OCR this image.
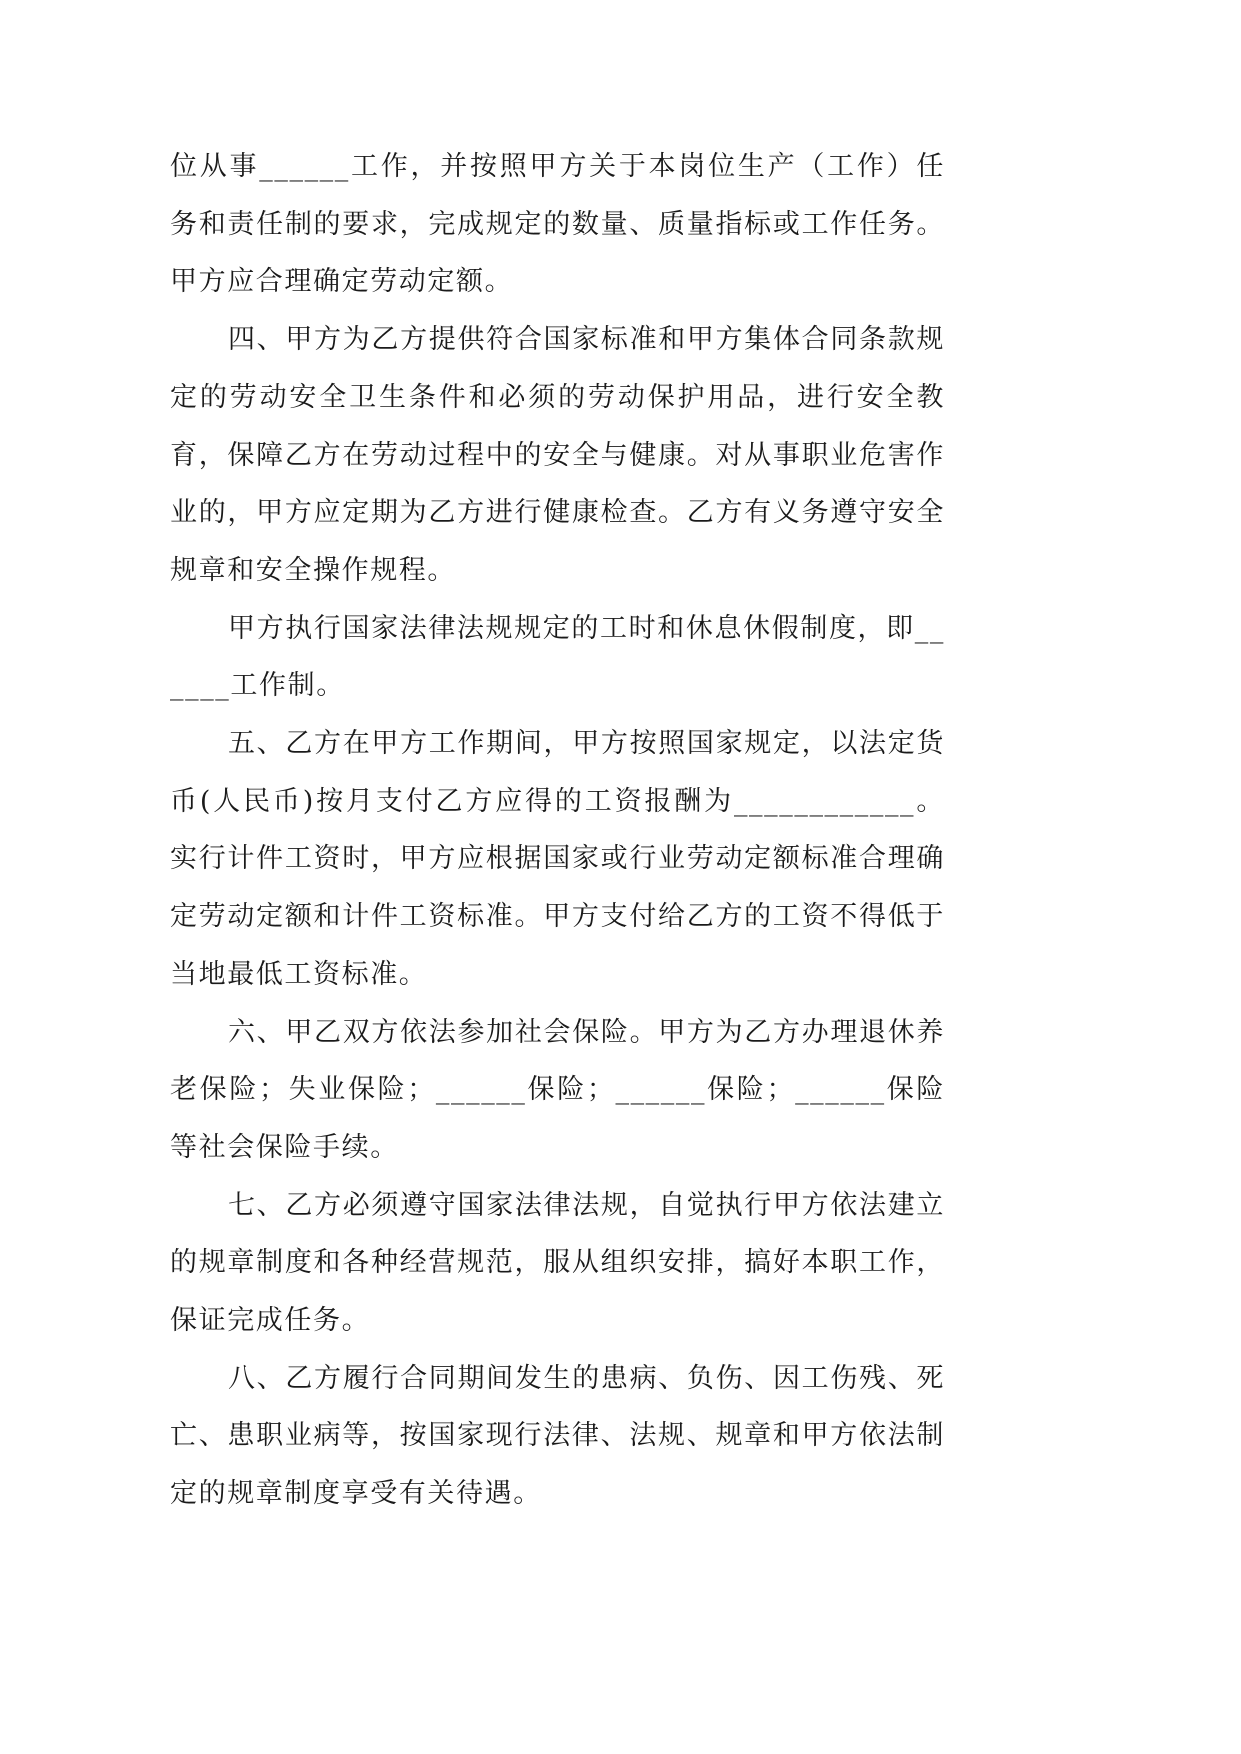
位从事______工作，并按照甲方关于本岗位生产（工作）任务和责任制的要求，完成规定的数量、质量指标或工作任务。甲方应合理确定劳动定额。

四、甲方为乙方提供符合国家标准和甲方集体合同条款规定的劳动安全卫生条件和必须的劳动保护用品，进行安全教育，保障乙方在劳动过程中的安全与健康。对从事职业危害作业的，甲方应定期为乙方进行健康检查。乙方有义务遵守安全规章和安全操作规程。

甲方执行国家法律法规规定的工时和休息休假制度，即______工作制。

五、乙方在甲方工作期间，甲方按照国家规定，以法定货币(人民币)按月支付乙方应得的工资报酬为____________。实行计件工资时，甲方应根据国家或行业劳动定额标准合理确定劳动定额和计件工资标准。甲方支付给乙方的工资不得低于当地最低工资标准。

六、甲乙双方依法参加社会保险。甲方为乙方办理退休养老保险；失业保险；______保险；______保险；______保险等社会保险手续。

七、乙方必须遵守国家法律法规，自觉执行甲方依法建立的规章制度和各种经营规范，服从组织安排，搞好本职工作，保证完成任务。

八、乙方履行合同期间发生的患病、负伤、因工伤残、死亡、患职业病等，按国家现行法律、法规、规章和甲方依法制定的规章制度享受有关待遇。
